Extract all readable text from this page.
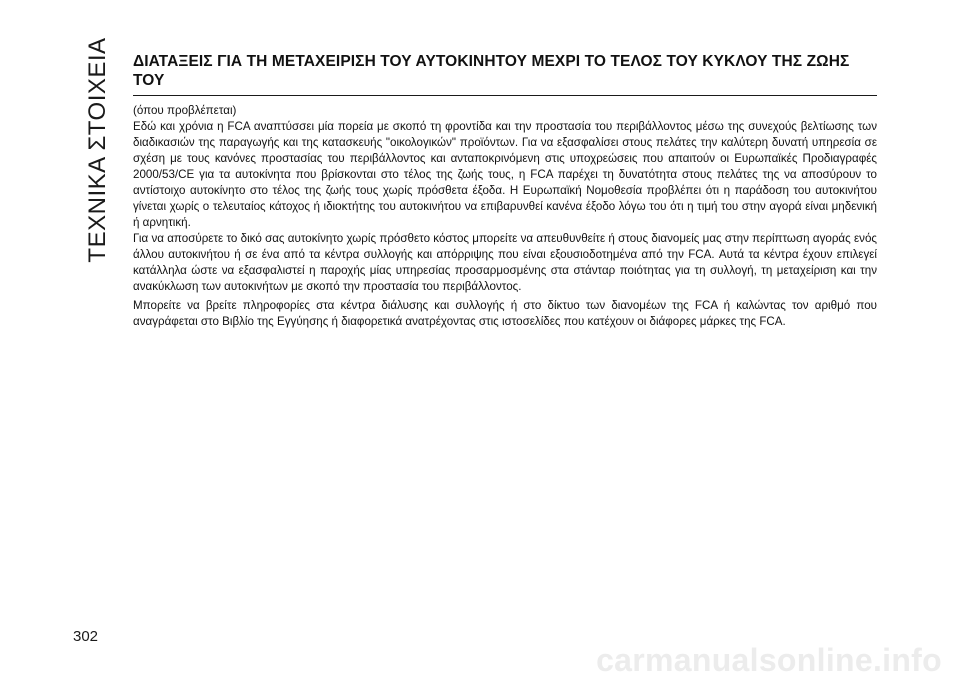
ΤΕΧΝΙΚΑ ΣΤΟΙΧΕΙΑ ΔΙΑΤΑΞΕΙΣ ΓΙΑ ΤΗ ΜΕΤΑΧΕΙΡΙΣΗ ΤΟΥ ΑΥΤΟΚΙΝΗΤΟΥ ΜΕΧΡΙ ΤΟ ΤΕΛΟΣ ΤΟΥ ΚΥΚΛΟΥ ΤΗΣ ΖΩΗΣ ΤΟΥ

(όπου προβλέπεται)

Εδώ και χρόνια η FCA αναπτύσσει μία πορεία με σκοπό τη φροντίδα και την προστασία του περιβάλλοντος μέσω της συνεχούς βελτίωσης των διαδικασιών της παραγωγής και της κατασκευής "οικολογικών" προϊόντων. Για να εξασφαλίσει στους πελάτες την καλύτερη δυνατή υπηρεσία σε σχέση με τους κανόνες προστασίας του περιβάλλοντος και ανταποκρινόμενη στις υποχρεώσεις που απαιτούν οι Ευρωπαϊκές Προδιαγραφές 2000/53/CE για τα αυτοκίνητα που βρίσκονται στο τέλος της ζωής τους, η FCA παρέχει τη δυνατότητα στους πελάτες της να αποσύρουν το αντίστοιχο αυτοκίνητο στο τέλος της ζωής τους χωρίς πρόσθετα έξοδα. Η Ευρωπαϊκή Νομοθεσία προβλέπει ότι η παράδοση του αυτοκινήτου γίνεται χωρίς ο τελευταίος κάτοχος ή ιδιοκτήτης του αυτοκινήτου να επιβαρυνθεί κανένα έξοδο λόγω του ότι η τιμή του στην αγορά είναι μηδενική ή αρνητική.

Για να αποσύρετε το δικό σας αυτοκίνητο χωρίς πρόσθετο κόστος μπορείτε να απευθυνθείτε ή στους διανομείς μας στην περίπτωση αγοράς ενός άλλου αυτοκινήτου ή σε ένα από τα κέντρα συλλογής και απόρριψης που είναι εξουσιοδοτημένα από την FCA. Αυτά τα κέντρα έχουν επιλεγεί κατάλληλα ώστε να εξασφαλιστεί η παροχής μίας υπηρεσίας προσαρμοσμένης στα στάνταρ ποιότητας για τη συλλογή, τη μεταχείριση και την ανακύκλωση των αυτοκινήτων με σκοπό την προστασία του περιβάλλοντος.

Μπορείτε να βρείτε πληροφορίες στα κέντρα διάλυσης και συλλογής ή στο δίκτυο των διανομέων της FCA ή καλώντας τον αριθμό που αναγράφεται στο Βιβλίο της Εγγύησης ή διαφορετικά ανατρέχοντας στις ιστοσελίδες που κατέχουν οι διάφορες μάρκες της FCA.

302
carmanualsonline.info
